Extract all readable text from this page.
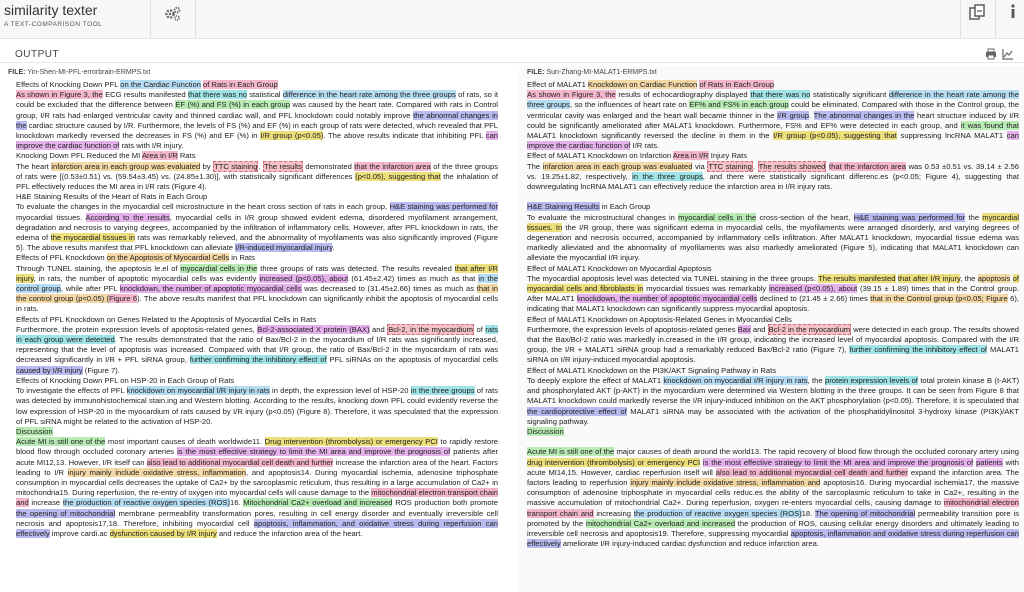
similarity texter
A TEXT-COMPARISON TOOL
OUTPUT
FILE: Yin-Shen-MI-PFL-errorbrain-ERMPS.txt
Effects of Knocking Down PFL on the Cardiac Function of Rats in Each Group
As shown in Figure 3, the ECG results manifested that there was no statistical difference in the heart rate among the three groups of rats, so it could be excluded that the difference between EF (%) and FS (%) in each group was caused by the heart rate. Compared with rats in Control group, I/R rats had enlarged ventricular cavity and thinned cardiac wall, and PFL knockdown could notably improve the abnormal changes in the cardiac structure caused by I/R. Furthermore, the levels of FS (%) and EF (%) in each group of rats were detected, which revealed that PFL knockdown markedly reversed the decreases in FS (%) and EF (%) in I/R group (p<0.05). The above results indicate that inhibiting PFL can improve the cardiac function of rats with I/R injury.
Knocking Down PFL Reduced the MI Area in I/R Rats
The heart infarction area in each group was evaluated by TTC staining. The results demonstrated that the infarction area of the three groups of rats were [(0.53±0.51) vs. (59.54±3.45) vs. (24.85±1.30)], with statistically significant differences (p<0.05), suggesting that the inhalation of PFL effectively reduces the MI area in I/R rats (Figure 4).
H&E Staining Results of the Heart of Rats in Each Group
To evaluate the changes in the myocardial cell microstructure in the heart cross section of rats in each group, H&E staining was performed for myocardial tissues. According to the results, myocardial cells in I/R group showed evident edema, disordered myofilament arrangement, degradation and necrosis to varying degrees, accompanied by the infiltration of inflammatory cells. However, after PFL knockdown in rats, the edema of the myocardial tissues in rats was remarkably relieved, and the abnormality of myofilaments was also significantly improved (Figure 5). The above results manifest that PFL knockdown can alleviate I/R-induced myocardial injury.
Effects of PFL Knockdown on the Apoptosis of Myocardial Cells in Rats
Through TUNEL staining, the apoptosis le.el of myocardial cells in the three groups of rats was detected. The results revealed that after I/R injury, in rats, the number of apoptotic myocardial cells was evidently increased (p<0.05), about (61.45±2.42) times as much as that in the control group, while after PFL knockdown, the number of apoptotic myocardial cells was decreased to (31.45±2.66) times as much as that in the control group (p<0.05) (Figure 6). The above results manifest that PFL knockdown can significantly inhibit the apoptosis of myocardial cells in rats.
Effects of PFL Knockdown on Genes Related to the Apoptosis of Myocardial Cells in Rats
Furthermore, the protein expression levels of apoptosis-related genes, Bcl-2-associated X protein (BAX) and Bcl-2, in the myocardium of rats in each group were detected. The results demonstrated that the ratio of Bax/Bcl-2 in the myocardium of I/R rats was significantly increased, representing that the level of apoptosis was increased. Compared with that I/R group, the ratio of Bax/Bcl-2 in the myocardium of rats was decreased significantly in I/R + PFL siRNA group, further confirming the inhibitory effect of PFL siRNAs on the apoptosis of myocardial cells caused by I/R injury (Figure 7).
Effects of Knocking Down PFL on HSP-20 in Each Group of Rats
To investigate the effects of PFL knockdown on myocardial I/R injury in rats in depth, the expression level of HSP-20 in the three groups of rats was detected by immunohistochemical stain.ing and Western blotting. According to the results, knocking down PFL could evidently reverse the low expression of HSP-20 in the myocardium of rats caused by I/R injury (p<0.05) (Figure 8). Therefore, it was speculated that the expression of PFL siRNA might be related to the activation of HSP-20.
Discussion
Acute MI is still one of the most important causes of death worldwide11. Drug intervention (thrombolysis) or emergency PCI to rapidly restore blood flow through occluded coronary arteries is the most effective strategy to limit the MI area and improve the prognosis of patients after acute MI12,13. However, I/R itself can also lead to additional myocardial cell death and further increase the infarction area of the heart. Factors leading to I/R injury mainly include oxidative stress, inflammation, and apoptosis14. During myocardial ischemia, adenosine triphosphate consumption in myocardial cells decreases the uptake of Ca2+ by the sarcoplasmic reticulum, thus resulting in a large accumulation of Ca2+ in mitochondria15. During reperfusion, the re-entry of oxygen into myocardial cells will cause damage to the mitochondrial electron transport chain and increase the production of reactive oxygen species (ROS)16. Mitochondrial Ca2+ overload and increased ROS production both promote the opening of mitochondrial membrane permeability transformation pores, resulting in cell energy disorder and eventually irreversible cell necrosis and apoptosis17,18. Therefore, inhibiting myocardial cell apoptosis, inflammation, and oxidative stress during reperfusion can effectively improve cardi.ac dysfunction caused by I/R injury and reduce the infarction area of the heart.
FILE: Sun-Zhang-MI-MALAT1-ERMPS.txt
Effect of MALAT1 Knockdown on Cardiac Function of Rats in Each Group
As shown in Figure 3, the results of echocardiography displayed that there was no statistically significant difference in the heart rate among the three groups, so the influences of heart rate on EF% and FS% in each group could be eliminated. Compared with those in the Control group, the ventricular cavity was enlarged and the heart wall became thinner in the I/R group. The abnormal changes in the heart structure induced by I/R could be significantly ameliorated after MALAT1 knockdown. Furthermore, FS% and EF% were detected in each group, and it was found that MALAT1 knockdown significantly reversed the decline in them in the I/R group (p<0.05), suggesting that suppressing lncRNA MALAT1 can improve the cardiac function of I/R rats.
Effect of MALAT1 Knockdown on Infarction Area in I/R Injury Rats
The infarction area in each group was evaluated via TTC staining. The results showed that the infarction area was 0.53 ±0.51 vs. 39.14 ± 2.56 vs. 19.25±1.82, respectively, in the three groups, and there were statistically significant differenc.es (p<0.05; Figure 4), suggesting that downregulating lncRNA MALAT1 can effectively reduce the infarction area in I/R injury rats.

H&E Staining Results in Each Group
To evaluate the microstructural changes in myocardial cells in the cross-section of the heart, H&E staining was performed for the myocardial tissues. In the I/R group, there was significant edema in myocardial cells, the myofilaments were arranged disorderly, and varying degrees of degeneration and necrosis occurred, accompanied by inflammatory cells infiltration. After MALAT1 knockdown, myocardial tissue edema was markedly alleviated and the abnormality of myofilaments was also markedly ameliorated (Figure 5), indicating that MALAT1 knockdown can alleviate the myocardial I/R injury.
Effect of MALAT1 Knockdown on Myocardial Apoptosis
The myocardial apoptosis level was detected via TUNEL staining in the three groups. The results manifested that after I/R injury, the apoptosis of myocardial cells and fibroblasts in myocardial tissues was remarkably increased (p<0.05), about (39.15 ± 1.89) times that in the Control group. After MALAT1 knockdown, the number of apoptotic myocardial cells declined to (21.45 ± 2.66) times that in the Control group (p<0.05; Figure 6), indicating that MALAT1 knockdown can significantly suppress myocardial apoptosis.
Effect of MALAT1 Knockdown on Apoptosis-Related Genes in Myocardial Cells
Furthermore, the expression levels of apoptosis-related genes Bax and Bcl-2 in the myocardium were detected in each group. The results showed that the Bax/Bcl-2 ratio was markedly in.creased in the I/R group, indicating the increased level of myocardial apoptosis. Compared with the I/R group, the I/R + MALAT1 siRNA group had a remarkably reduced Bax/Bcl-2 ratio (Figure 7), further confirming the inhibitory effect of MALAT1 siRNA on I/R injury-induced myocardial apoptosis.
Effect of MALAT1 Knockdown on the PI3K/AKT Signaling Pathway in Rats
To deeply explore the effect of MALAT1 knockdown on myocardial I/R injury in rats, the protein expression levels of total protein kinase B (t-AKT) and phosphorylated AKT (p-AKT) in the myocardium were determined via Western blotting in the three groups. It can be seen from Figure 8 that MALAT1 knockdown could markedly reverse the I/R injury-induced inhibition on the AKT phosphorylation (p<0.05). Therefore, it is speculated that the cardioprotective effect of MALAT1 siRNA may be associated with the activation of the phosphatidylinositol 3-hydroxy kinase (PI3K)/AKT signaling pathway.
Discussion

Acute MI is still one of the major causes of death around the world13. The rapid recovery of blood flow through the occluded coronary artery using drug intervention (thrombolysis) or emergency PCI is the most effective strategy to limit the MI area and improve the prognosis of patients with acute MI14,15. However, cardiac reperfusion itself will also lead to additional myocardial cell death and further expand the infarction area. The factors leading to reperfusion injury mainly include oxidative stress, inflammation and apoptosis16. During myocardial ischemia17, the massive consumption of adenosine triphosphate in myocardial cells reduc.es the ability of the sarcoplasmic reticulum to take in Ca2+, resulting in the massive accumulation of mitochondrial Ca2+. During reperfusion, oxygen re-enters myocardial cells, causing damage to mitochondrial electron transport chain and increasing the production of reactive oxygen species (ROS)18. The opening of mitochondrial permeability transition pore is promoted by the mitochondrial Ca2+ overload and increased the production of ROS, causing cellular energy disorders and ultimately leading to irreversible cell necrosis and apoptosis19. Therefore, suppressing myocardial apoptosis, inflammation and oxidative stress during reperfusion can effectively ameliorate I/R injury-induced cardiac dysfunction and reduce infarction area.
